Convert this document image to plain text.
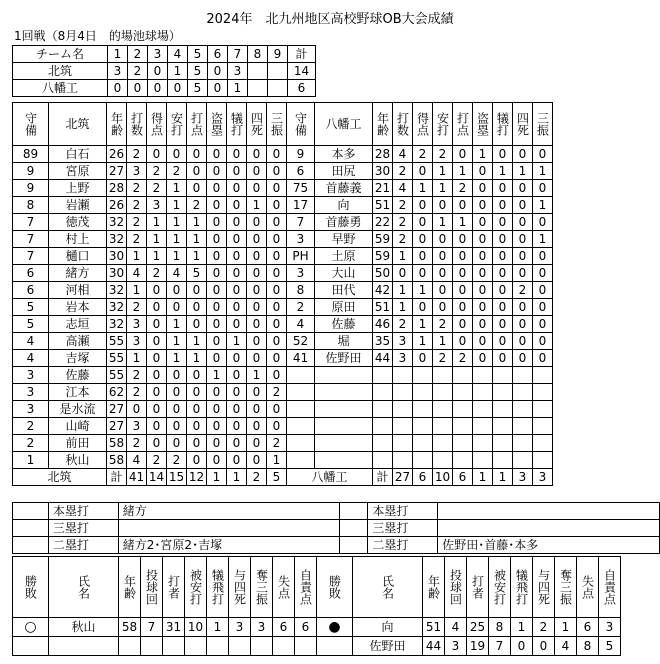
2024年　北九州地区高校野球OB大会成績
1回戦（8月4日　的場池球場）
チーム名	1	2	3	4	5	6	7	8	9	計
北筑	3	2	0	1	5	0	3			14
八幡工	0	0	0	0	5	0	1			6
守備	北筑	年齢	打数	得点	安打	打点	盗塁	犠打	四死	三振	守備	八幡工	年齢	打数	得点	安打	打点	盗塁	犠打	四死	三振
89	白石	26	2	0	0	0	0	0	0	0	9	本多	28	4	2	2	0	1	0	0	0
9	宮原	27	3	2	2	0	0	0	0	0	6	田尻	30	2	0	1	1	0	1	1	1
9	上野	28	2	2	1	0	0	0	0	0	75	首藤義	21	4	1	1	2	0	0	0	0
8	岩瀬	26	2	3	1	2	0	0	1	0	17	向	51	2	0	0	0	0	0	0	1
7	徳茂	32	2	1	1	1	0	0	0	0	7	首藤勇	22	2	0	1	1	0	0	0	0
7	村上	32	2	1	1	1	0	0	0	0	3	早野	59	2	0	0	0	0	0	0	1
7	樋口	30	1	1	1	1	0	0	0	0	PH	土原	59	1	0	0	0	0	0	0	0
6	緒方	30	4	2	4	5	0	0	0	0	3	大山	50	0	0	0	0	0	0	0	0
6	河相	32	1	0	0	0	0	0	0	0	8	田代	42	1	1	0	0	0	0	2	0
5	岩本	32	2	0	0	0	0	0	0	0	2	原田	51	1	0	0	0	0	0	0	0
5	志垣	32	3	0	1	0	0	0	0	0	4	佐藤	46	2	1	2	0	0	0	0	0
4	高瀬	55	3	0	1	1	0	1	0	0	52	堀	35	3	1	1	0	0	0	0	0
4	吉塚	55	1	0	1	1	0	0	0	0	41	佐野田	44	3	0	2	2	0	0	0	0
3	佐藤	55	2	0	0	0	1	0	1	0											
3	江本	62	2	0	0	0	0	0	0	2											
3	是水流	27	0	0	0	0	0	0	0	0											
2	山崎	27	3	0	0	0	0	0	0	0											
2	前田	58	2	0	0	0	0	0	0	2											
1	秋山	58	4	2	2	0	0	0	0	1											
北筑		計	41	14	15	12	1	1	2	5	八幡工		計	27	6	10	6	1	1	3	3
	本塁打	緒方		本塁打	
	三塁打			三塁打	
	二塁打	緒方2･宮原2･吉塚		二塁打	佐野田･首藤･本多
勝敗	氏名	年齢	投球回	打者	被安打	犠飛打	与四死	奪三振	失点	自責点	勝敗	氏名	年齢	投球回	打者	被安打	犠飛打	与四死	奪三振	失点	自責点
○	秋山	58	7	31	10	1	3	3	6	6	●	向	51	4	25	8	1	2	1	6	3
												佐野田	44	3	19	7	0	0	4	8	5
